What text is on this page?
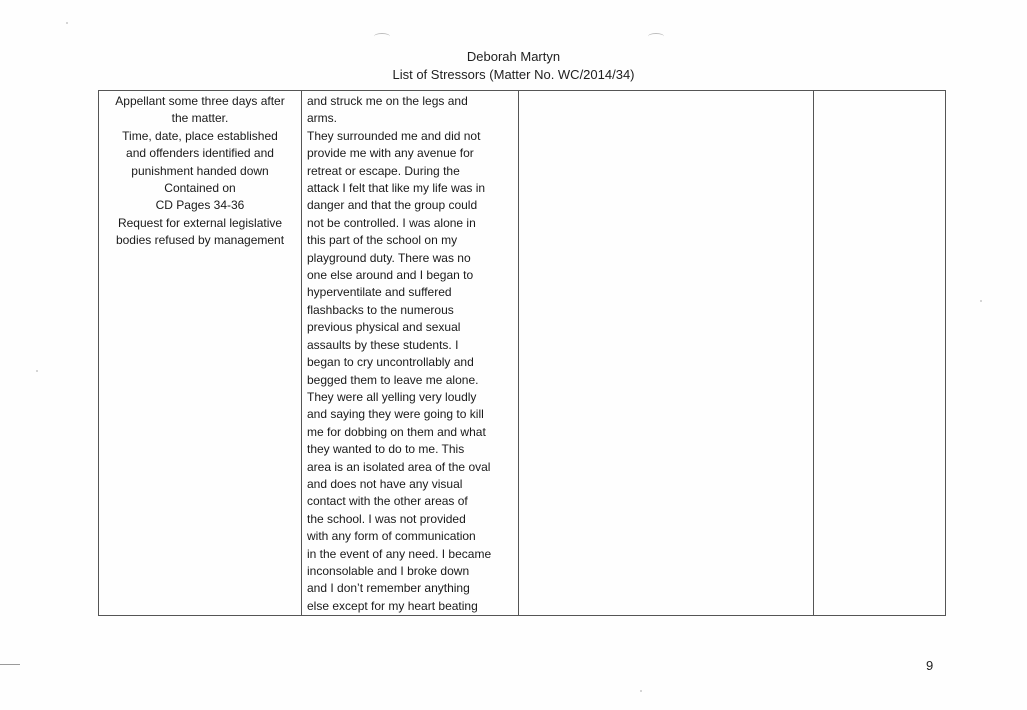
Deborah Martyn
List of Stressors (Matter No. WC/2014/34)
Appellant some three days after
the matter.
Time, date, place established
and offenders identified and
punishment handed down
Contained on
CD Pages 34-36
Request for external legislative
bodies refused by management

and struck me on the legs and
arms.
They surrounded me and did not
provide me with any avenue for
retreat or escape. During the
attack I felt that like my life was in
danger and that the group could
not be controlled. I was alone in
this part of the school on my
playground duty. There was no
one else around and I began to
hyperventilate and suffered
flashbacks to the numerous
previous physical and sexual
assaults by these students. I
began to cry uncontrollably and
begged them to leave me alone.
They were all yelling very loudly
and saying they were going to kill
me for dobbing on them and what
they wanted to do to me. This
area is an isolated area of the oval
and does not have any visual
contact with the other areas of
the school. I was not provided
with any form of communication
in the event of any need. I became
inconsolable and I broke down
and I don’t remember anything
else except for my heart beating

9
